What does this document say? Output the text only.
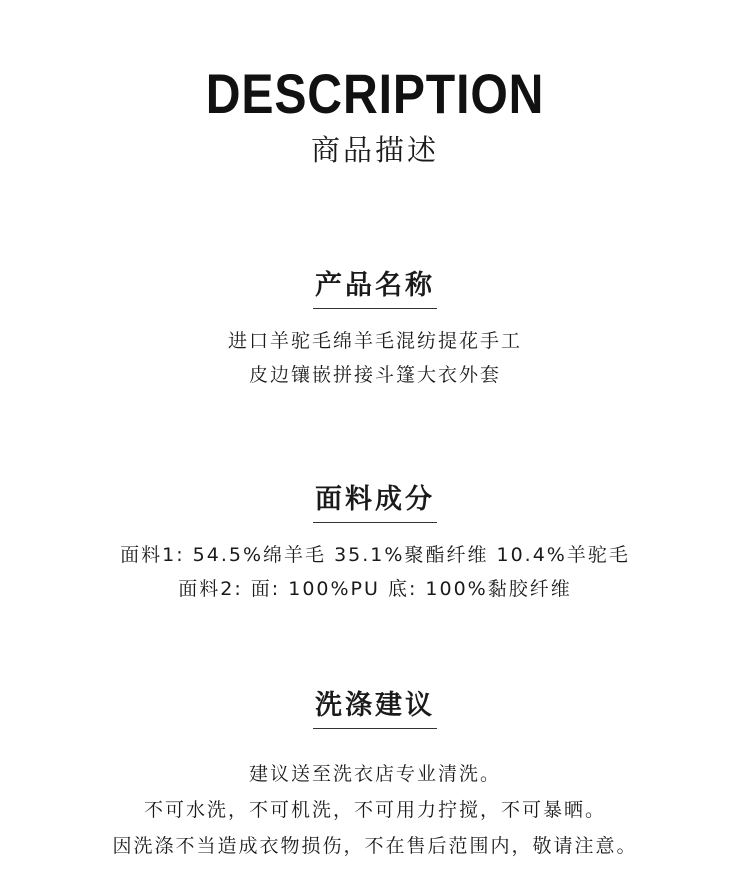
DESCRIPTION
商品描述
产品名称
进口羊驼毛绵羊毛混纺提花手工
皮边镶嵌拼接斗篷大衣外套
面料成分
面料1: 54.5%绵羊毛 35.1%聚酯纤维 10.4%羊驼毛
面料2: 面: 100%PU 底: 100%黏胶纤维
洗涤建议
建议送至洗衣店专业清洗。
不可水洗，不可机洗，不可用力拧搅，不可暴晒。
因洗涤不当造成衣物损伤，不在售后范围内，敬请注意。
